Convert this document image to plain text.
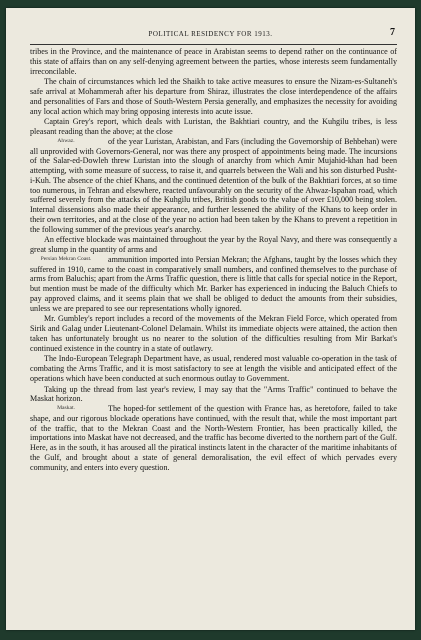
POLITICAL RESIDENCY FOR 1913.	7

tribes in the Province, and the maintenance of peace in Arabistan seems to depend rather on the continuance of this state of affairs than on any self-denying agreement between the parties, whose interests seem fundamentally irreconcilable.

The chain of circumstances which led the Shaikh to take active measures to ensure the Nizam-es-Sultaneh's safe arrival at Mohammerah after his departure from Shiraz, illustrates the close interdependence of the affairs and personalities of Fars and those of South-Western Persia generally, and emphasizes the necessity for avoiding any local action which may bring opposing interests into acute issue.

Captain Grey's report, which deals with Luristan, the Bakhtiari country, and the Kuhgilu tribes, is less pleasant reading than the above; at the close

Ahwaz.	of the year Luristan, Arabistan, and Fars (including the Governorship of Behbehan) were all unprovided with Governors-General, nor was there any prospect of appointments being made. The incursions of the Salar-ed-Dowleh threw Luristan into the slough of anarchy from which Amir Mujahid-khan had been attempting, with some measure of success, to raise it, and quarrels between the Wali and his son disturbed Pusht-i-Kuh. The absence of the chief Khans, and the continued detention of the bulk of the Bakhtiari forces, at so time too numerous, in Tehran and elsewhere, reacted unfavourably on the security of the Ahwaz-Ispahan road, which suffered severely from the attacks of the Kuhgilu tribes, British goods to the value of over £10,000 being stolen. Internal dissensions also made their appearance, and further lessened the ability of the Khans to keep order in their own territories, and at the close of the year no action had been taken by the Khans to prevent a repetition in the following summer of the previous year's anarchy.

An effective blockade was maintained throughout the year by the Royal Navy, and there was consequently a great slump in the quantity of arms and

Persian Mekran Coast.	ammunition imported into Persian Mekran; the Afghans, taught by the losses which they suffered in 1910, came to the coast in comparatively small numbers, and confined themselves to the purchase of arms from Baluchis; apart from the Arms Traffic question, there is little that calls for special notice in the Report, but mention must be made of the difficulty which Mr. Barker has experienced in inducing the Baluch Chiefs to pay approved claims, and it seems plain that we shall be obliged to deduct the amounts from their subsidies, unless we are prepared to see our representations wholly ignored.

Mr. Gumbley's report includes a record of the movements of the Mekran Field Force, which operated from Sirik and Galag under Lieutenant-Colonel Delamain. Whilst its immediate objects were attained, the action then taken has unfortunately brought us no nearer to the solution of the difficulties resulting from Mir Barkat's continued existence in the country in a state of outlawry.

The Indo-European Telegraph Department have, as usual, rendered most valuable co-operation in the task of combating the Arms Traffic, and it is most satisfactory to see at length the visible and anticipated effect of the operations which have been conducted at such enormous outlay to Government.

Taking up the thread from last year's review, I may say that the "Arms Traffic" continued to behave the Maskat horizon.

Maskat.	The hoped-for settlement of the question with France has, as heretofore, failed to take shape, and our rigorous blockade operations have continued, with the result that, while the most important part of the traffic, that to the Mekran Coast and the North-Western Frontier, has been practically killed, the importations into Maskat have not decreased, and the traffic has become diverted to the northern part of the Gulf. Here, as in the south, it has aroused all the piratical instincts latent in the character of the maritime inhabitants of the Gulf, and brought about a state of general demoralisation, the evil effect of which pervades every community, and enters into every question.
